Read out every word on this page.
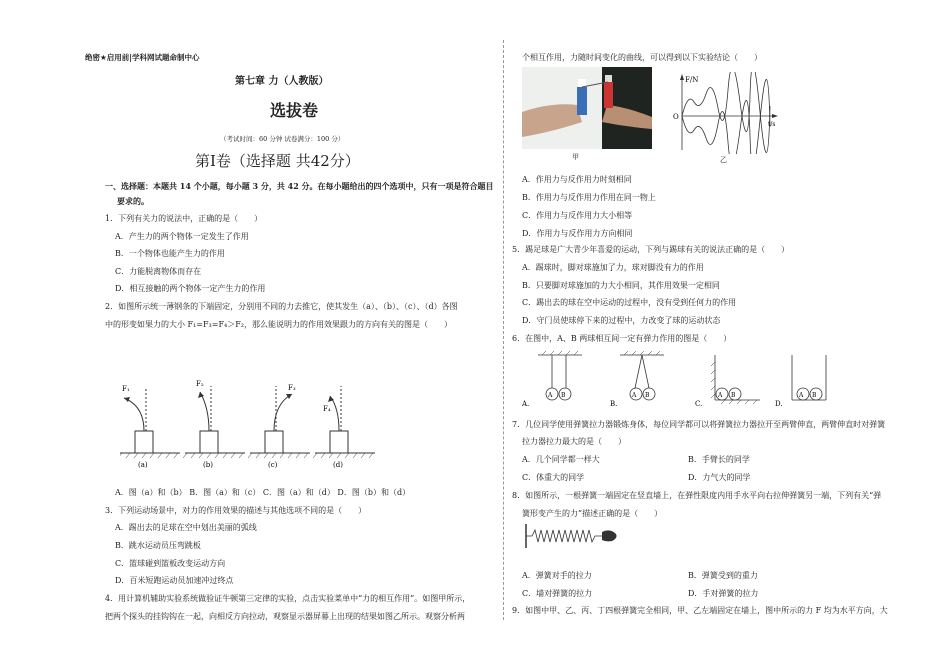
绝密★启用前|学科网试题命制中心
第七章 力（人教版）
选拔卷
（考试时间：60 分钟 试卷满分：100 分）
第Ⅰ卷（选择题 共42分）
一、选择题：本题共 14 个小题，每小题 3 分，共 42 分。在每小题给出的四个选项中，只有一项是符合题目
要求的。
1．下列有关力的说法中，正确的是（　　）
A．产生力的两个物体一定发生了作用
B．一个物体也能产生力的作用
C．力能脱离物体而存在
D．相互接触的两个物体一定产生力的作用
2．如图所示统一薄钢条的下端固定，分别用不同的力去推它，使其发生（a）、（b）、（c）、（d）各图
中的形变如果力的大小 F₁=F₃=F₄＞F₂，那么能说明力的作用效果跟力的方向有关的图是（　　）
F₁
F₂	F₃
F₄
(a)	(b)	(c)	(d)
A．图（a）和（b） B．图（a）和（c） C．图（a）和（d） D．图（b）和（d）
3．下列运动场景中，对力的作用效果的描述与其他选项不同的是（　　）
A．踢出去的足球在空中划出美丽的弧线
B．跳水运动员压弯跳板
C．篮球碰到篮板改变运动方向
D．百米短跑运动员加速冲过终点
4．用计算机辅助实验系统做验证牛顿第三定律的实验，点击实验菜单中“力的相互作用”。如图甲所示，
把两个探头的挂钩钩在一起，向相反方向拉动，观察显示器屏幕上出现的结果如图乙所示。观察分析两
个相互作用，力随时间变化的曲线，可以得到以下实验结论（　　）
甲
F/N
t/s
O
乙
A．作用力与反作用力时刻相同
B．作用力与反作用力作用在同一物上
C．作用力与反作用力大小相等
D．作用力与反作用力方向相同
5．踢足球是广大青少年喜爱的运动，下列与踢球有关的说法正确的是（　　）
A．踢球时，脚对球施加了力，球对脚没有力的作用
B．只要脚对球施加的力大小相同，其作用效果一定相同
C．踢出去的球在空中运动的过程中，没有受到任何力的作用
D．守门员使球停下来的过程中，力改变了球的运动状态
6．在图中，A、B 两球相互间一定有弹力作用的图是（　　）
A B	A B	A B	A B
A.	B.	C.	D.
7．几位同学使用弹簧拉力器锻炼身体，每位同学都可以将弹簧拉力器拉开至两臂伸直，两臂伸直时对弹簧
拉力器拉力最大的是（　　）
A．几个同学都一样大	B．手臂长的同学
C．体重大的同学	D．力气大的同学
8．如图所示，一根弹簧一端固定在竖直墙上，在弹性限度内用手水平向右拉伸弹簧另一端，下列有关“弹
簧形变产生的力”描述正确的是（　　）
A．弹簧对手的拉力	B．弹簧受到的重力
C．墙对弹簧的拉力	D．手对弹簧的拉力
9．如图中甲、乙、丙、丁四根弹簧完全相同，甲、乙左端固定在墙上，图中所示的力 F 均为水平方向，大
